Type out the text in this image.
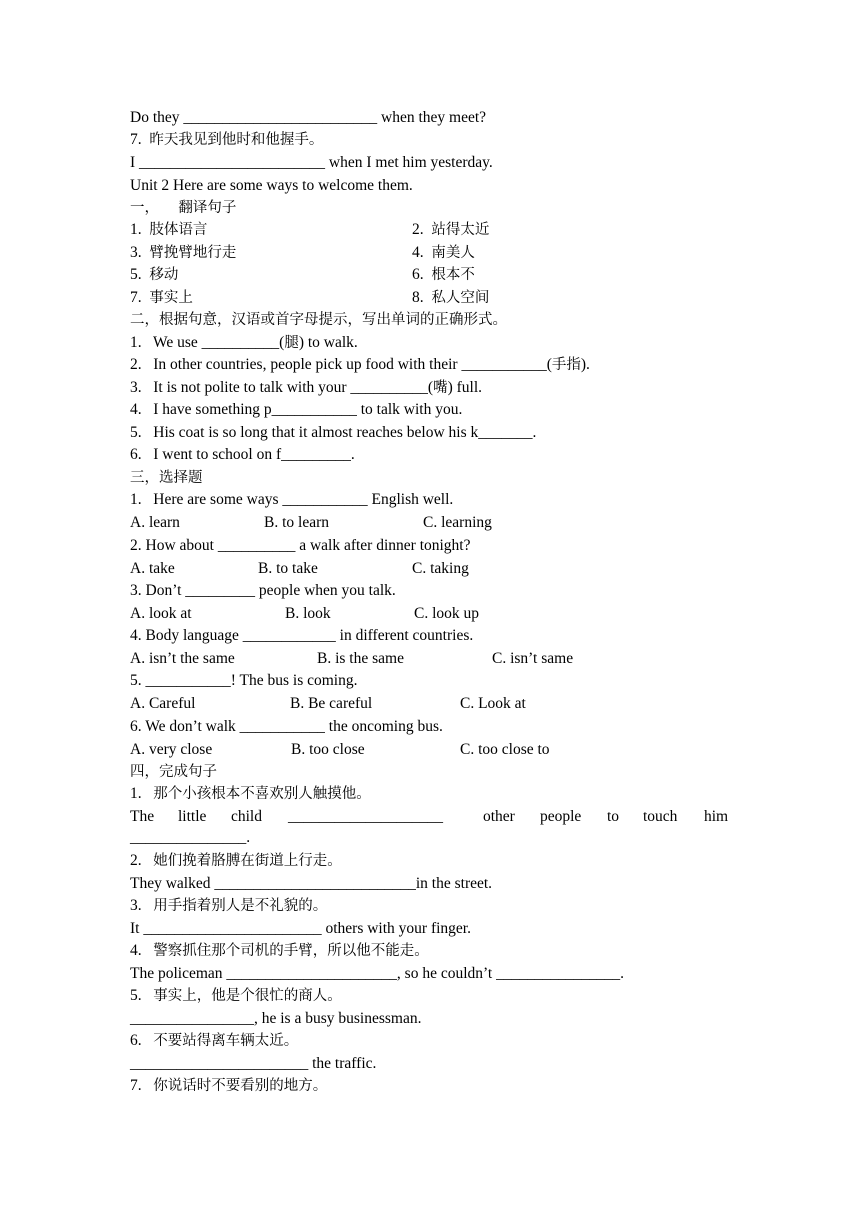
Do they _________________________ when they meet?
7.  昨天我见到他时和他握手。
I ________________________ when I met him yesterday.
Unit 2 Here are some ways to welcome them.
一， 翻译句子
1.  肢体语言	2.  站得太近
3.  臂挽臂地行走	4.  南美人
5.  移动	6.  根本不
7.  事实上	8.  私人空间
二，根据句意，汉语或首字母提示，写出单词的正确形式。
1.   We use __________(腿) to walk.
2.   In other countries, people pick up food with their ___________(手指).
3.   It is not polite to talk with your __________(嘴) full.
4.   I have something p___________ to talk with you.
5.   His coat is so long that it almost reaches below his k_______.
6.   I went to school on f_________.
三，选择题
1.   Here are some ways ___________ English well.
A. learn	B. to learn	C. learning
2. How about __________ a walk after dinner tonight?
A. take	B. to take	C. taking
3. Don’t _________ people when you talk.
A. look at	B. look	C. look up
4. Body language ____________ in different countries.
A. isn’t the same	B. is the same	C. isn’t same
5. ___________! The bus is coming.
A. Careful	B. Be careful	C. Look at
6. We don’t walk ___________ the oncoming bus.
A. very close	B. too close	C. too close to
四，完成句子
1.   那个小孩根本不喜欢别人触摸他。
The little child ____________________	other people to touch him
_______________.
2.   她们挽着胳膊在街道上行走。
They walked __________________________in the street.
3.   用手指着别人是不礼貌的。
It _______________________ others with your finger.
4.   警察抓住那个司机的手臂，所以他不能走。
The policeman ______________________, so he couldn’t ________________.
5.   事实上，他是个很忙的商人。
________________, he is a busy businessman.
6.   不要站得离车辆太近。
_______________________ the traffic.
7.   你说话时不要看别的地方。
